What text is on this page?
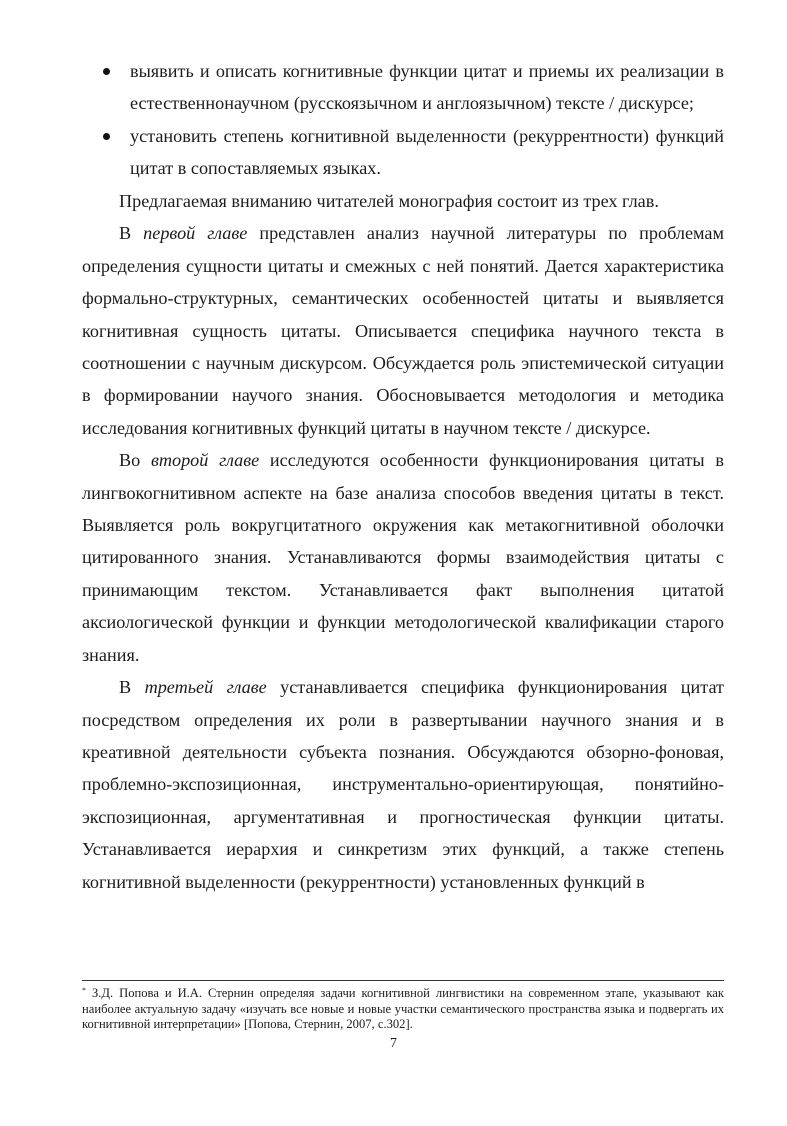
выявить и описать когнитивные функции цитат и приемы их реализации в естественнонаучном (русскоязычном и англоязычном) тексте / дискурсе;
установить степень когнитивной выделенности (рекуррентности) функций цитат в сопоставляемых языках.

Предлагаемая вниманию читателей монография состоит из трех глав.

В первой главе представлен анализ научной литературы по проблемам определения сущности цитаты и смежных с ней понятий. Дается характеристика формально-структурных, семантических особенностей цитаты и выявляется когнитивная сущность цитаты. Описывается специфика научного текста в соотношении с научным дискурсом. Обсуждается роль эпистемической ситуации в формировании научого знания. Обосновывается методология и методика исследования когнитивных функций цитаты в научном тексте / дискурсе.

Во второй главе исследуются особенности функционирования цитаты в лингвокогнитивном аспекте на базе анализа способов введения цитаты в текст. Выявляется роль вокругцитатного окружения как метакогнитивной оболочки цитированного знания. Устанавливаются формы взаимодействия цитаты с принимающим текстом. Устанавливается факт выполнения цитатой аксиологической функции и функции методологической квалификации старого знания.

В третьей главе устанавливается специфика функционирования цитат посредством определения их роли в развертывании научного знания и в креативной деятельности субъекта познания. Обсуждаются обзорно-фоновая, проблемно-экспозиционная, инструментально-ориентирующая, понятийно-экспозиционная, аргументативная и прогностическая функции цитаты. Устанавливается иерархия и синкретизм этих функций, а также степень когнитивной выделенности (рекуррентности) установленных функций в

* З.Д. Попова и И.А. Стернин определяя задачи когнитивной лингвистики на современном этапе, указывают как наиболее актуальную задачу «изучать все новые и новые участки семантического пространства языка и подвергать их когнитивной интерпретации» [Попова, Стернин, 2007, с.302].

7
